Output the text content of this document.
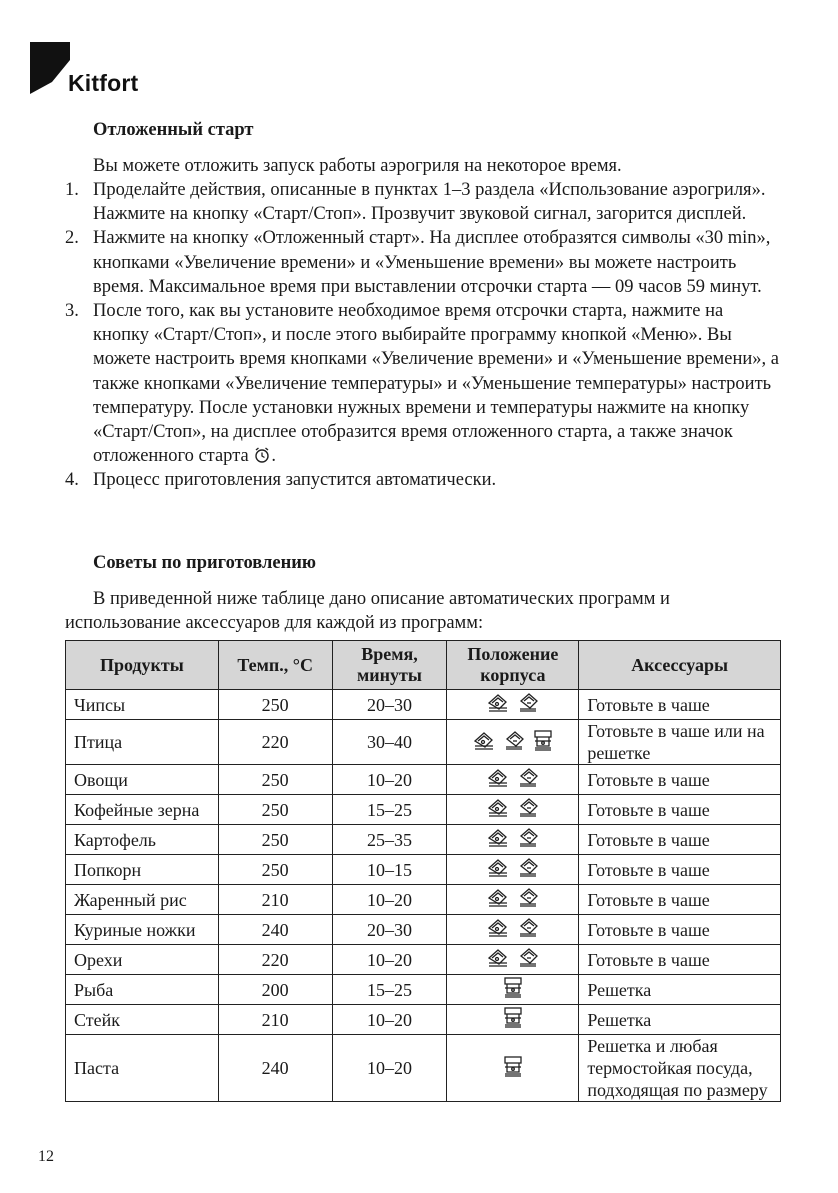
Kitfort
Отложенный старт
Вы можете отложить запуск работы аэрогриля на некоторое время.
1. Проделайте действия, описанные в пунктах 1–3 раздела «Использование аэрогриля». Нажмите на кнопку «Старт/Стоп». Прозвучит звуковой сигнал, загорится дисплей.
2. Нажмите на кнопку «Отложенный старт». На дисплее отобразятся символы «30 min», кнопками «Увеличение времени» и «Уменьшение времени» вы можете настроить время. Максимальное время при выставлении отсрочки старта — 09 часов 59 минут.
3. После того, как вы установите необходимое время отсрочки старта, нажмите на кнопку «Старт/Стоп», и после этого выбирайте программу кнопкой «Меню». Вы можете настроить время кнопками «Увеличение времени» и «Уменьшение времени», а также кнопками «Увеличение температуры» и «Уменьшение температуры» настроить температуру. После установки нужных времени и температуры нажмите на кнопку «Старт/Стоп», на дисплее отобразится время отложенного старта, а также значок отложенного старта .
4. Процесс приготовления запустится автоматически.
Советы по приготовлению
В приведенной ниже таблице дано описание автоматических программ и использование аксессуаров для каждой из программ:
Продукты	Темп., °С	Время, минуты	Положение корпуса	Аксессуары
Чипсы	250	20–30		Готовьте в чаше
Птица	220	30–40		Готовьте в чаше или на решетке
Овощи	250	10–20		Готовьте в чаше
Кофейные зерна	250	15–25		Готовьте в чаше
Картофель	250	25–35		Готовьте в чаше
Попкорн	250	10–15		Готовьте в чаше
Жаренный рис	210	10–20		Готовьте в чаше
Куриные ножки	240	20–30		Готовьте в чаше
Орехи	220	10–20		Готовьте в чаше
Рыба	200	15–25		Решетка
Стейк	210	10–20		Решетка
Паста	240	10–20		Решетка и любая термостойкая посуда, подходящая по размеру
12
